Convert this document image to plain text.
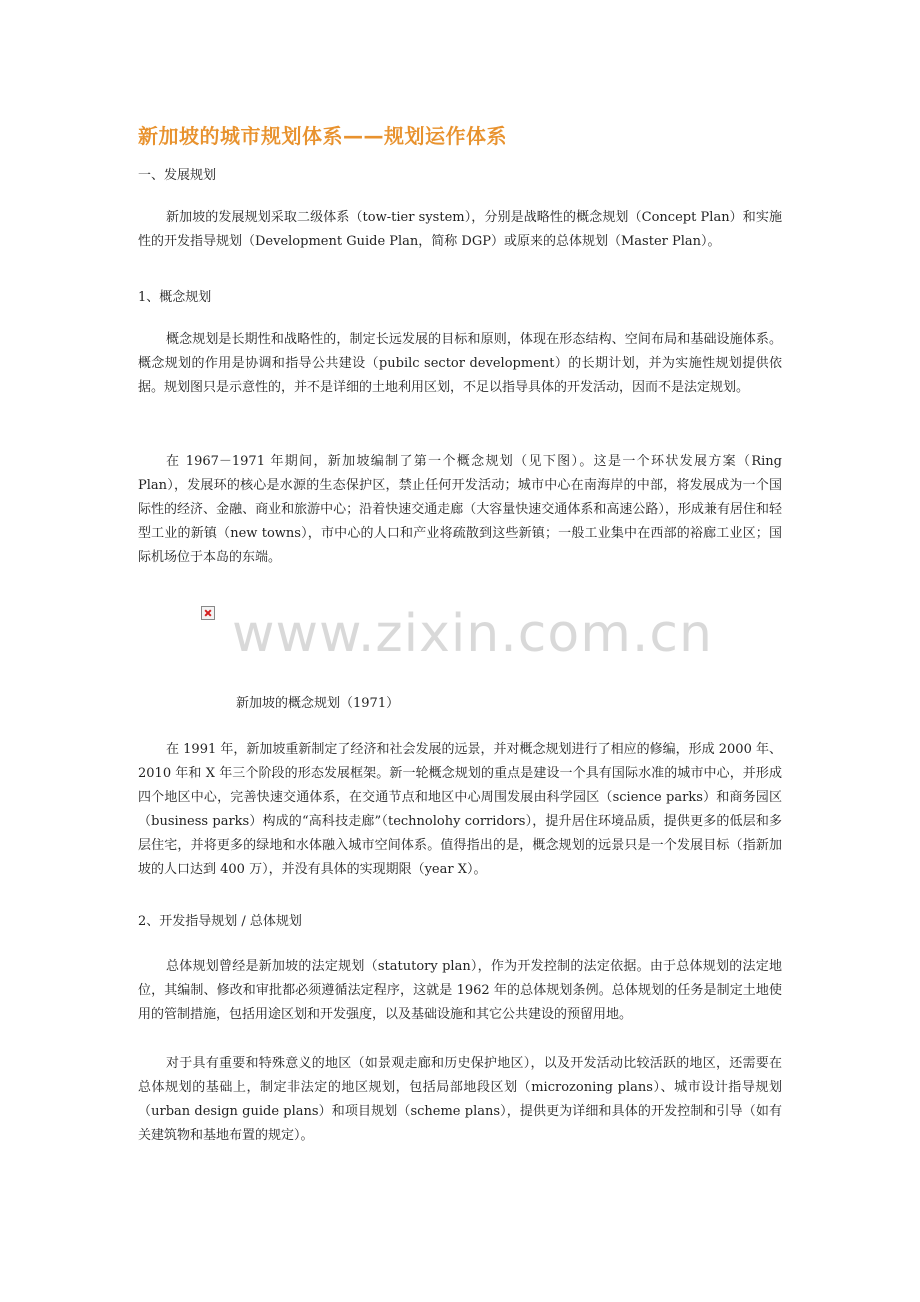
新加坡的城市规划体系——规划运作体系
一、发展规划

新加坡的发展规划采取二级体系（tow-tier system），分别是战略性的概念规划（Concept Plan）和实施性的开发指导规划（Development Guide Plan，简称 DGP）或原来的总体规划（Master Plan）。

1、概念规划

概念规划是长期性和战略性的，制定长远发展的目标和原则，体现在形态结构、空间布局和基础设施体系。概念规划的作用是协调和指导公共建设（pubilc sector development）的长期计划，并为实施性规划提供依据。规划图只是示意性的，并不是详细的土地利用区划，不足以指导具体的开发活动，因而不是法定规划。

在 1967－1971 年期间，新加坡编制了第一个概念规划（见下图）。这是一个环状发展方案（Ring Plan），发展环的核心是水源的生态保护区，禁止任何开发活动；城市中心在南海岸的中部，将发展成为一个国际性的经济、金融、商业和旅游中心；沿着快速交通走廊（大容量快速交通体系和高速公路），形成兼有居住和轻型工业的新镇（new towns），市中心的人口和产业将疏散到这些新镇；一般工业集中在西部的裕廊工业区；国际机场位于本岛的东端。

www.zixin.com.cn
新加坡的概念规划（1971）

在 1991 年，新加坡重新制定了经济和社会发展的远景，并对概念规划进行了相应的修编，形成 2000 年、2010 年和 X 年三个阶段的形态发展框架。新一轮概念规划的重点是建设一个具有国际水准的城市中心，并形成四个地区中心，完善快速交通体系，在交通节点和地区中心周围发展由科学园区（science parks）和商务园区（business parks）构成的“高科技走廊”（technolohy corridors），提升居住环境品质，提供更多的低层和多层住宅，并将更多的绿地和水体融入城市空间体系。值得指出的是，概念规划的远景只是一个发展目标（指新加坡的人口达到 400 万），并没有具体的实现期限（year X）。

2、开发指导规划 / 总体规划

总体规划曾经是新加坡的法定规划（statutory plan），作为开发控制的法定依据。由于总体规划的法定地位，其编制、修改和审批都必须遵循法定程序，这就是 1962 年的总体规划条例。总体规划的任务是制定土地使用的管制措施，包括用途区划和开发强度，以及基础设施和其它公共建设的预留用地。

对于具有重要和特殊意义的地区（如景观走廊和历史保护地区），以及开发活动比较活跃的地区，还需要在总体规划的基础上，制定非法定的地区规划，包括局部地段区划（microzoning plans）、城市设计指导规划（urban design guide plans）和项目规划（scheme plans），提供更为详细和具体的开发控制和引导（如有关建筑物和基地布置的规定）。
